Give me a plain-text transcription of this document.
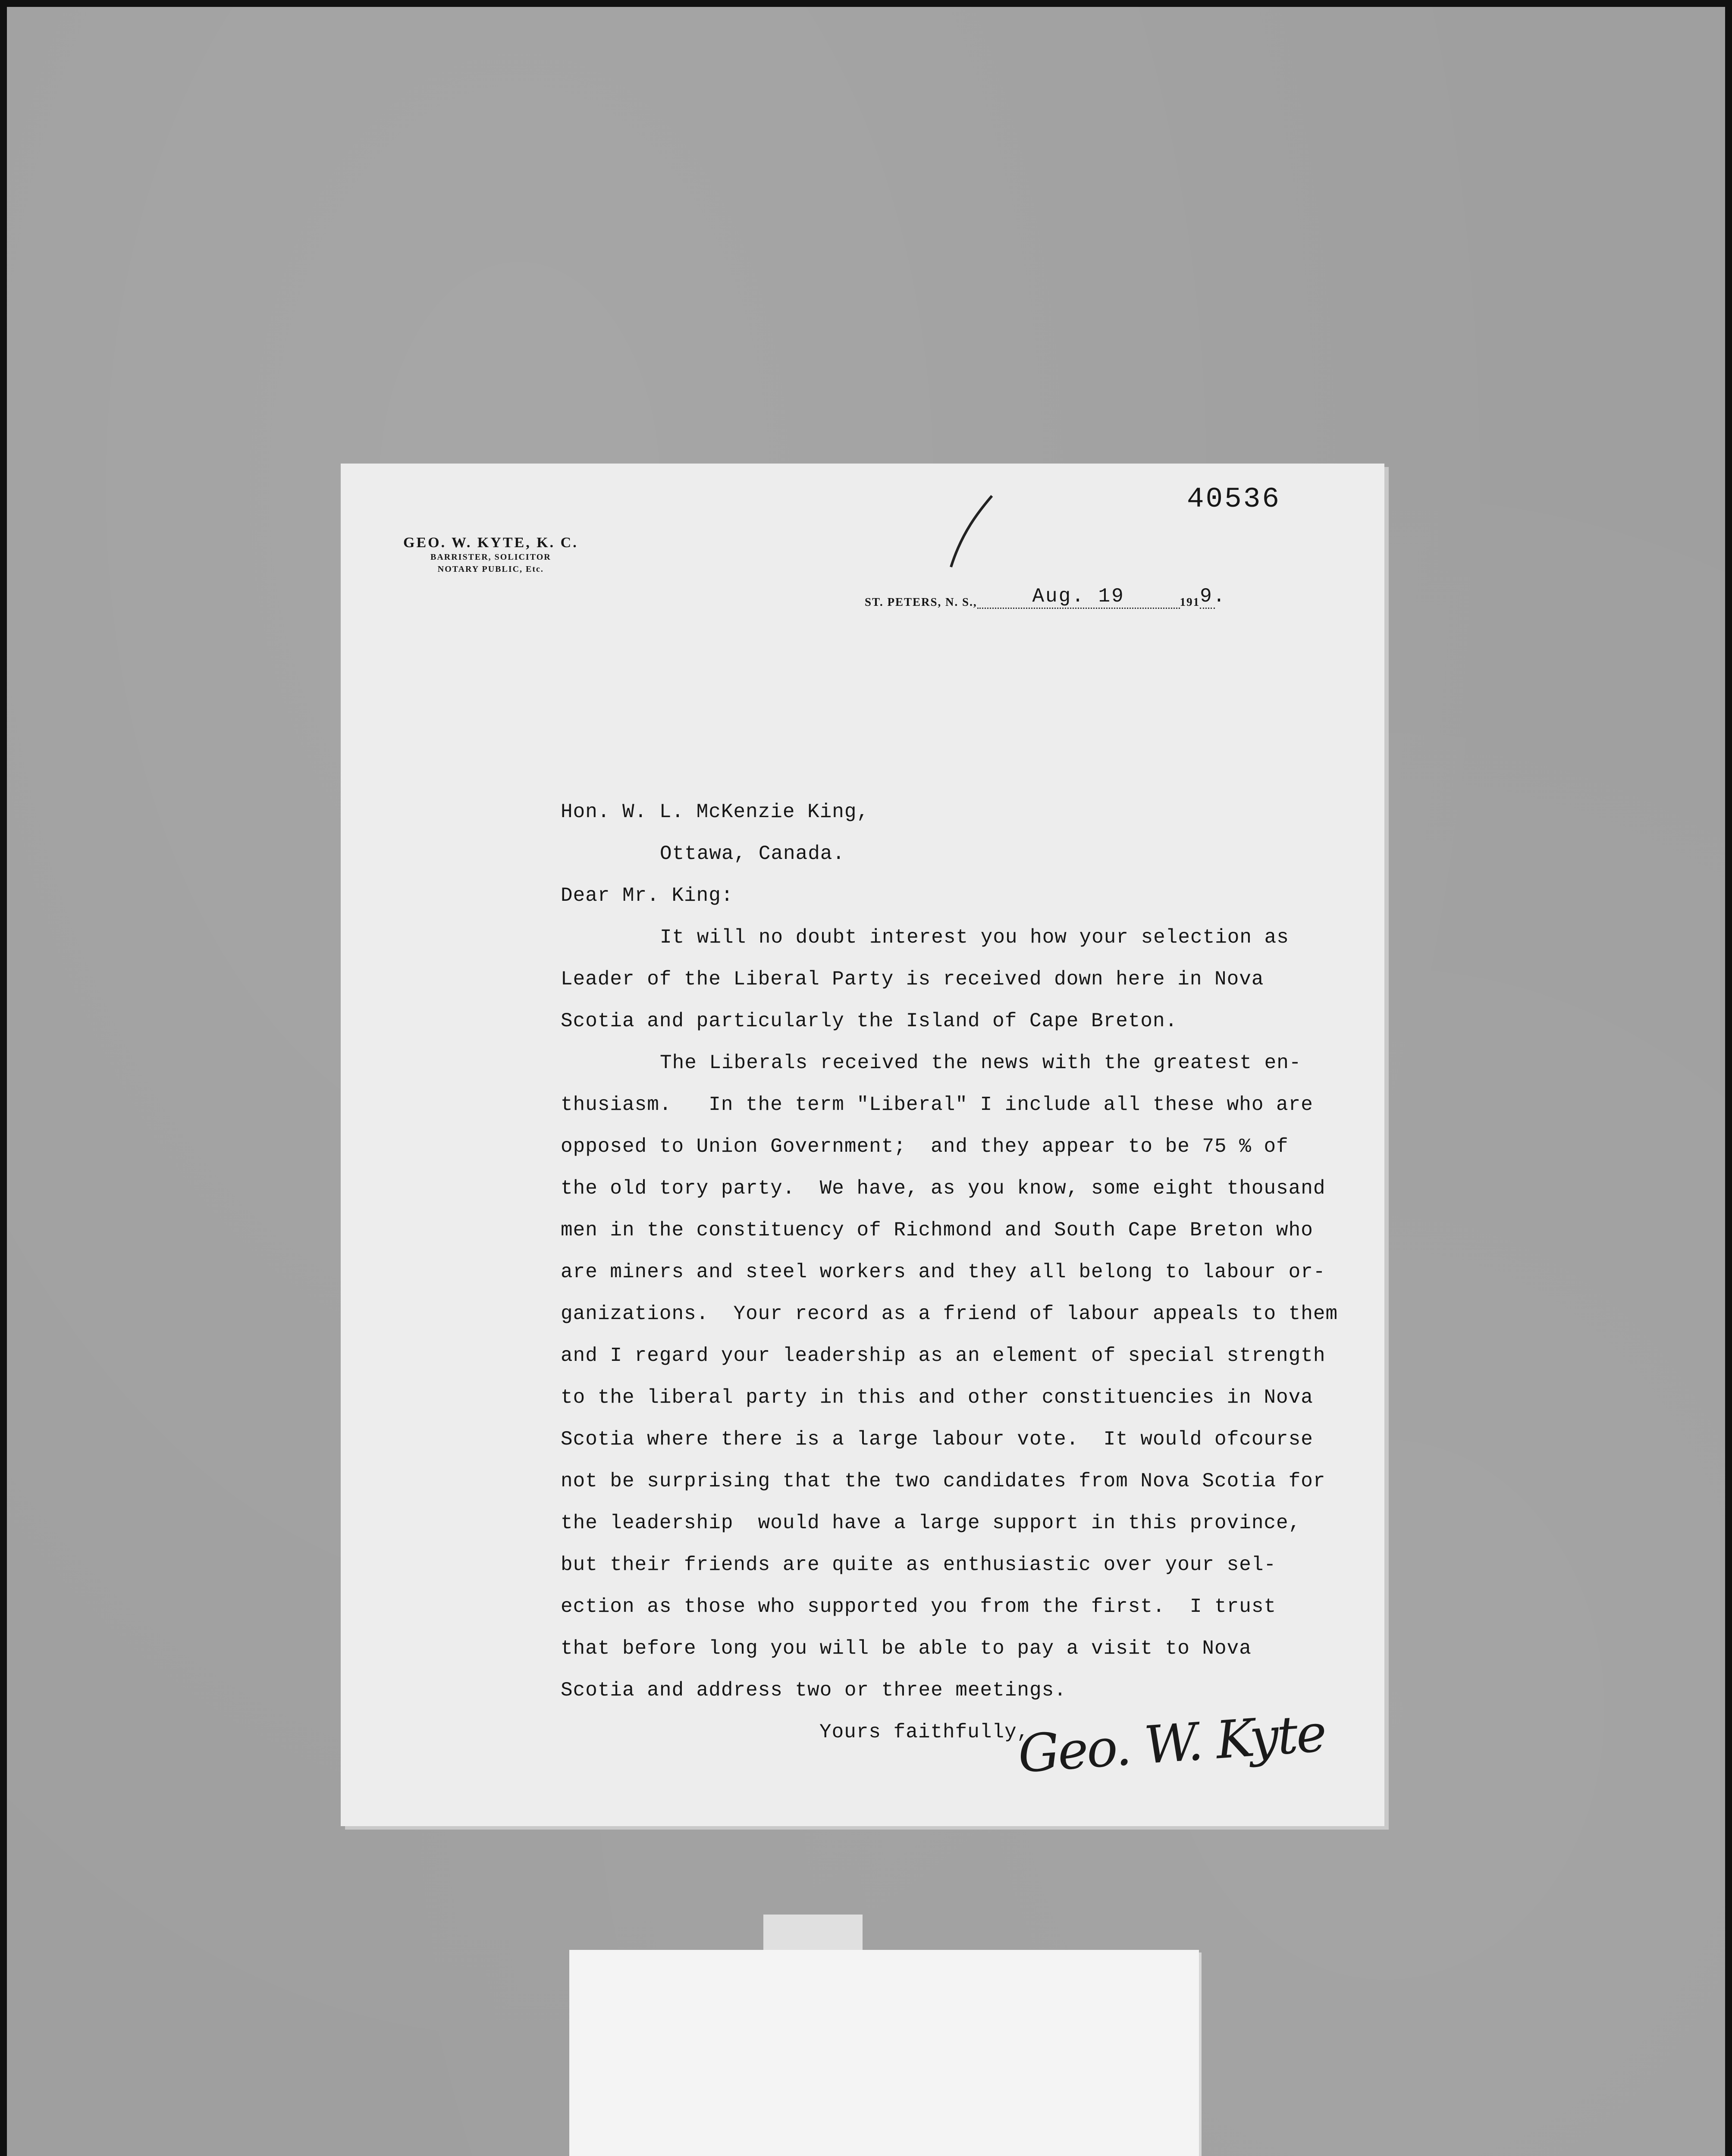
40536
GEO. W. KYTE, K. C.
BARRISTER, SOLICITOR
NOTARY PUBLIC, Etc.
ST. PETERS, N. S.,	Aug. 19	191 9.

Hon. W. L. McKenzie King,

Ottawa, Canada.

Dear Mr. King:

It will no doubt interest you how your selection as

Leader of the Liberal Party is received down here in Nova

Scotia and particularly the Island of Cape Breton.

The Liberals received the news with the greatest en-

thusiasm.   In the term "Liberal" I include all these who are

opposed to Union Government;  and they appear to be 75 % of

the old tory party.  We have, as you know, some eight thousand

men in the constituency of Richmond and South Cape Breton who

are miners and steel workers and they all belong to labour or-

ganizations.  Your record as a friend of labour appeals to them

and I regard your leadership as an element of special strength

to the liberal party in this and other constituencies in Nova

Scotia where there is a large labour vote.  It would ofcourse

not be surprising that the two candidates from Nova Scotia for

the leadership  would have a large support in this province,

but their friends are quite as enthusiastic over your sel-

ection as those who supported you from the first.  I trust

that before long you will be able to pay a visit to Nova

Scotia and address two or three meetings.

Yours faithfully,

Geo. W. Kyte
